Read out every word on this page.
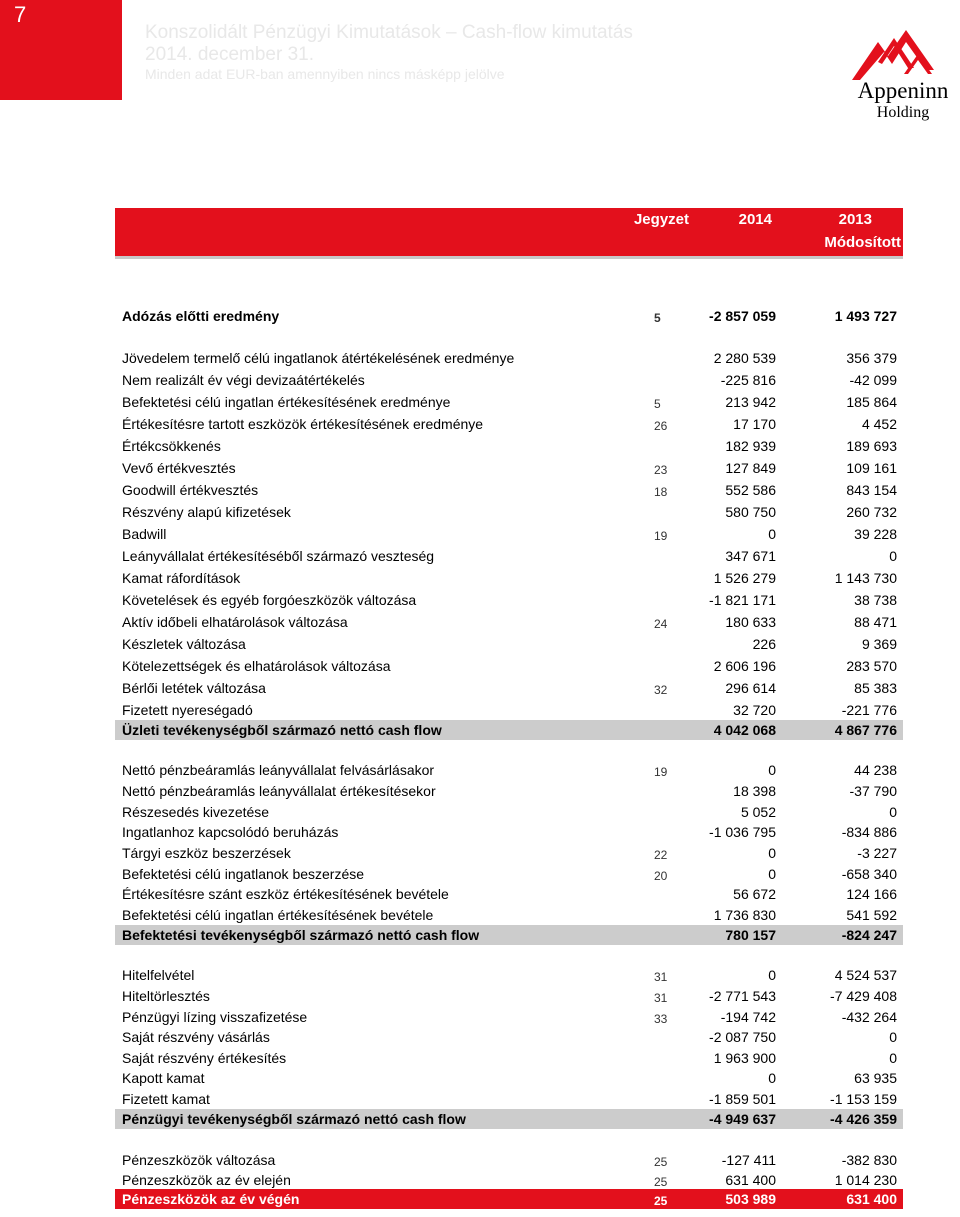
7
Konszolidált Pénzügyi Kimutatások – Cash-flow kimutatás
2014. december 31.
Minden adat EUR-ban amennyiben nincs másképp jelölve
Appeninn
Holding
Jegyzet	2014	2013
Módosított
Adózás előtti eredmény	5	-2 857 059	1 493 727
Jövedelem termelő célú ingatlanok átértékelésének eredménye	2 280 539	356 379
Nem realizált év végi devizaátértékelés	-225 816	-42 099
Befektetési célú ingatlan értékesítésének eredménye	5	213 942	185 864
Értékesítésre tartott eszközök értékesítésének eredménye	26	17 170	4 452
Értékcsökkenés	182 939	189 693
Vevő értékvesztés	23	127 849	109 161
Goodwill értékvesztés	18	552 586	843 154
Részvény alapú kifizetések	580 750	260 732
Badwill	19	0	39 228
Leányvállalat értékesítéséből származó veszteség	347 671	0
Kamat ráfordítások	1 526 279	1 143 730
Követelések és egyéb forgóeszközök változása	-1 821 171	38 738
Aktív időbeli elhatárolások változása	24	180 633	88 471
Készletek változása	226	9 369
Kötelezettségek és elhatárolások változása	2 606 196	283 570
Bérlői letétek változása	32	296 614	85 383
Fizetett nyereségadó	32 720	-221 776
Üzleti tevékenységből származó nettó cash flow	4 042 068	4 867 776
Nettó pénzbeáramlás leányvállalat felvásárlásakor	19	0	44 238
Nettó pénzbeáramlás leányvállalat értékesítésekor	18 398	-37 790
Részesedés kivezetése	5 052	0
Ingatlanhoz kapcsolódó beruházás	-1 036 795	-834 886
Tárgyi eszköz beszerzések	22	0	-3 227
Befektetési célú ingatlanok beszerzése	20	0	-658 340
Értékesítésre szánt eszköz értékesítésének bevétele	56 672	124 166
Befektetési célú ingatlan értékesítésének bevétele	1 736 830	541 592
Befektetési tevékenységből származó nettó cash flow	780 157	-824 247
Hitelfelvétel	31	0	4 524 537
Hiteltörlesztés	31	-2 771 543	-7 429 408
Pénzügyi lízing visszafizetése	33	-194 742	-432 264
Saját részvény vásárlás	-2 087 750	0
Saját részvény értékesítés	1 963 900	0
Kapott kamat	0	63 935
Fizetett kamat	-1 859 501	-1 153 159
Pénzügyi tevékenységből származó nettó cash flow	-4 949 637	-4 426 359
Pénzeszközök változása	25	-127 411	-382 830
Pénzeszközök az év elején	25	631 400	1 014 230
Pénzeszközök az év végén	25	503 989	631 400
